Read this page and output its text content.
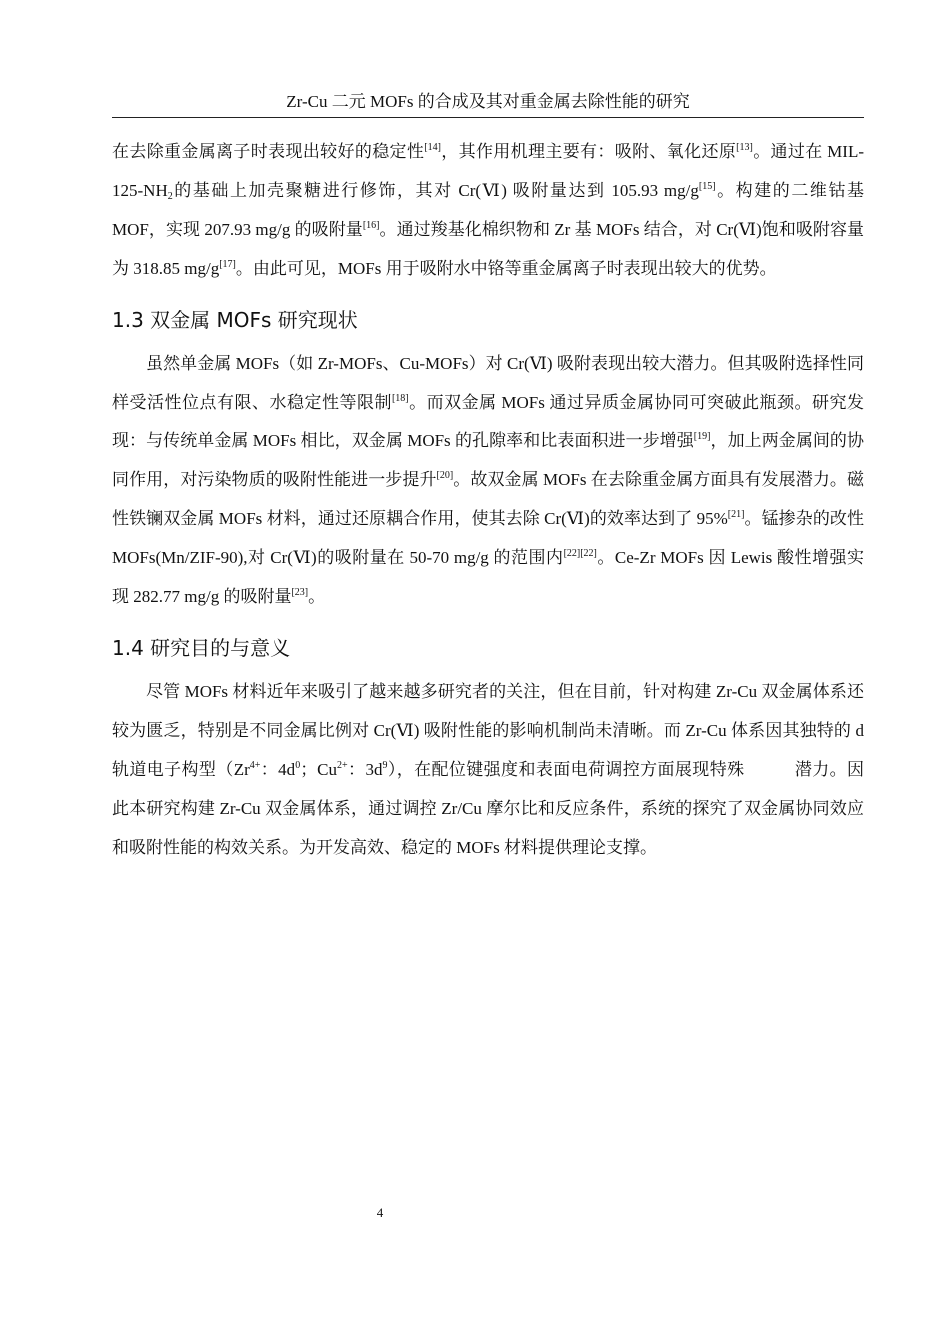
Zr-Cu 二元 MOFs 的合成及其对重金属去除性能的研究

在去除重金属离子时表现出较好的稳定性[14]，其作用机理主要有：吸附、氧化还原[13]。通过在 MIL-$125-NH_2$的基础上加壳聚糖进行修饰，其对 Cr(Ⅵ) 吸附量达到 105.93 mg/g[15]。构建的二维钴基 MOF，实现 207.93 mg/g 的吸附量[16]。通过羧基化棉织物和 Zr 基 MOFs 结合，对 Cr(Ⅵ)饱和吸附容量为 318.85 mg/g[17]。由此可见，MOFs 用于吸附水中铬等重金属离子时表现出较大的优势。

1.3 双金属 MOFs 研究现状

虽然单金属 MOFs（如 Zr-MOFs、Cu-MOFs）对 Cr(Ⅵ) 吸附表现出较大潜力。但其吸附选择性同样受活性位点有限、水稳定性等限制[18]。而双金属 MOFs 通过异质金属协同可突破此瓶颈。研究发现：与传统单金属 MOFs 相比，双金属 MOFs 的孔隙率和比表面积进一步增强[19]，加上两金属间的协同作用，对污染物质的吸附性能进一步提升[20]。故双金属 MOFs 在去除重金属方面具有发展潜力。磁性铁镧双金属 MOFs 材料，通过还原耦合作用，使其去除 Cr(Ⅵ)的效率达到了 95%[21]。锰掺杂的改性 MOFs(Mn/ZIF-90),对 Cr(Ⅵ)的吸附量在 50-70 mg/g 的范围内[22][22]。Ce-Zr MOFs 因 Lewis 酸性增强实现 282.77 mg/g 的吸附量[23]。

1.4 研究目的与意义

尽管 MOFs 材料近年来吸引了越来越多研究者的关注，但在目前，针对构建 Zr-Cu 双金属体系还较为匮乏，特别是不同金属比例对 Cr(Ⅵ) 吸附性能的影响机制尚未清晰。而 Zr-Cu 体系因其独特的 d 轨道电子构型（$Zr^{4+}$：$4d^0$；$Cu^{2+}$：$3d^9$），在配位键强度和表面电荷调控方面展现特殊	潜力。因此本研究构建 Zr-Cu 双金属体系，通过调控 Zr/Cu 摩尔比和反应条件，系统的探究了双金属协同效应和吸附性能的构效关系。为开发高效、稳定的 MOFs 材料提供理论支撑。

4
